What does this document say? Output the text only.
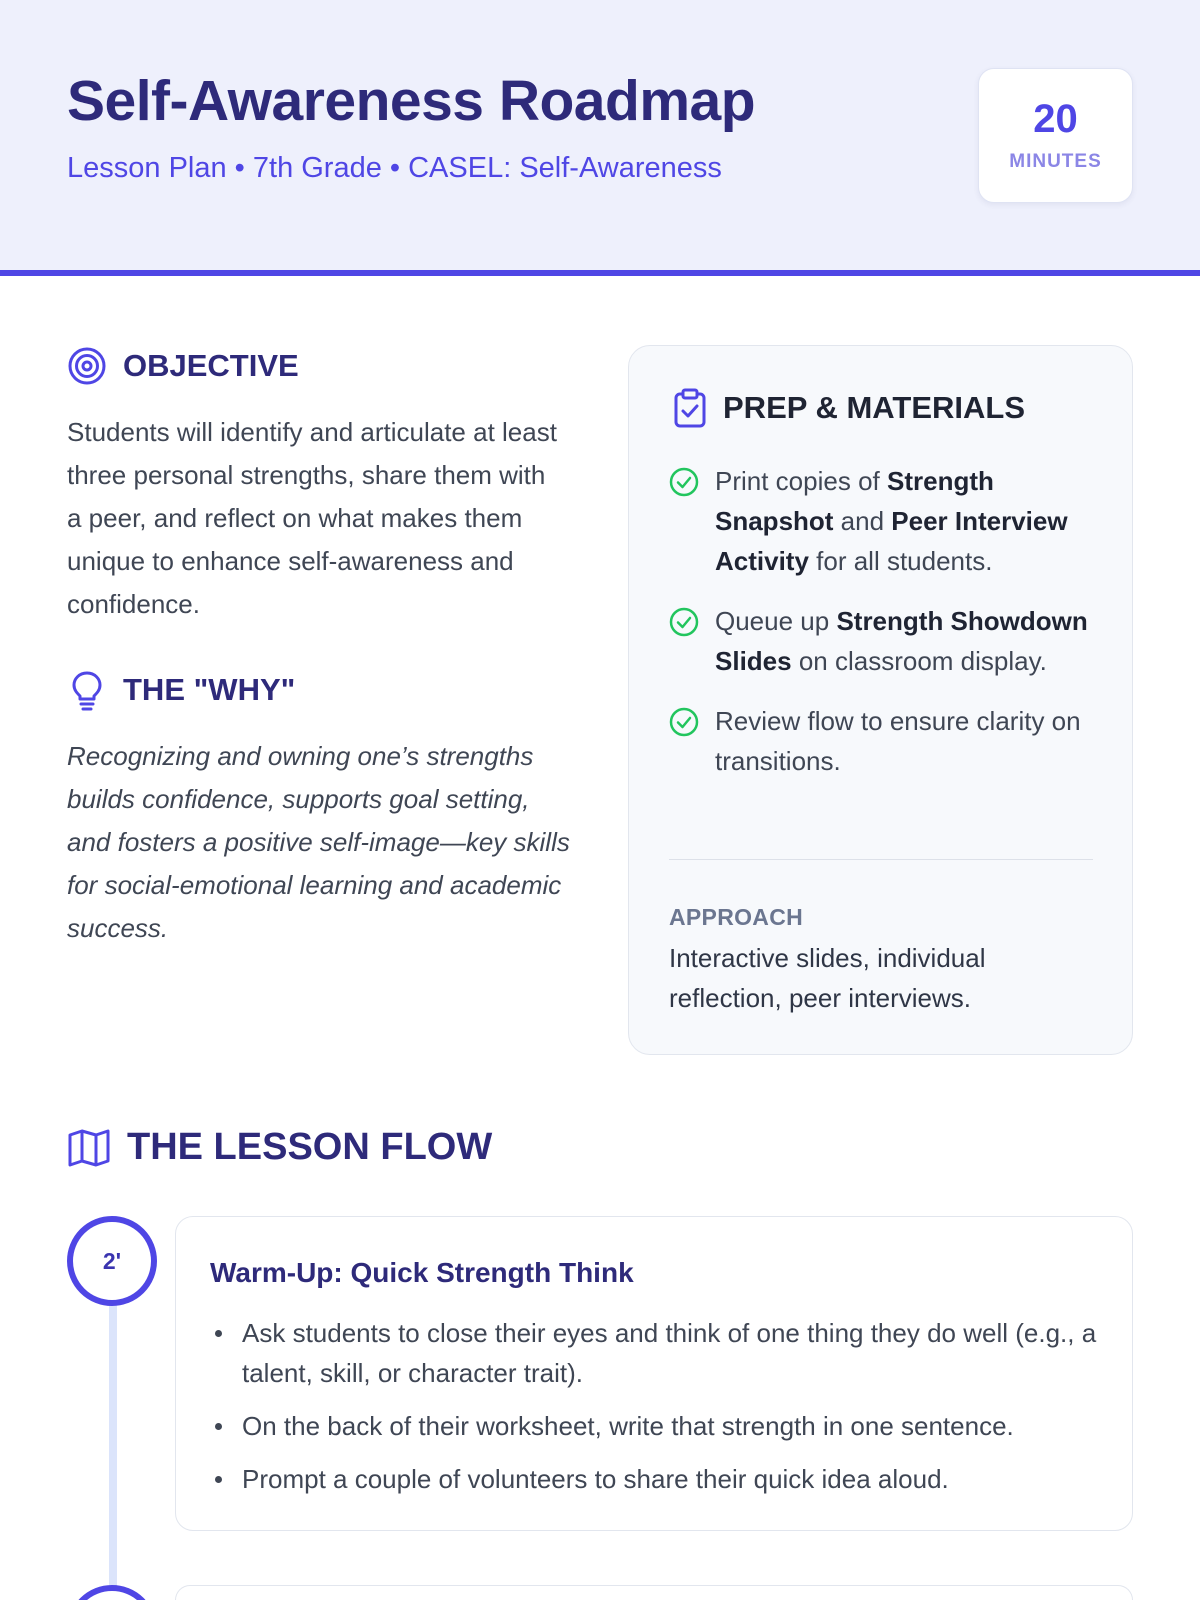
Self-Awareness Roadmap
Lesson Plan • 7th Grade • CASEL: Self-Awareness
20
MINUTES
OBJECTIVE

Students will identify and articulate at least three personal strengths, share them with a peer, and reflect on what makes them unique to enhance self-awareness and confidence.

THE "WHY"

Recognizing and owning one’s strengths builds confidence, supports goal setting, and fosters a positive self-image—key skills for social-emotional learning and academic success.

PREP & MATERIALS
Print copies of Strength Snapshot and Peer Interview Activity for all students.
Queue up Strength Showdown Slides on classroom display.
Review flow to ensure clarity on transitions.
APPROACH
Interactive slides, individual reflection, peer interviews.
THE LESSON FLOW
2'	Warm-Up: Quick Strength Think
Ask students to close their eyes and think of one thing they do well (e.g., a talent, skill, or character trait).
On the back of their worksheet, write that strength in one sentence.
Prompt a couple of volunteers to share their quick idea aloud.
